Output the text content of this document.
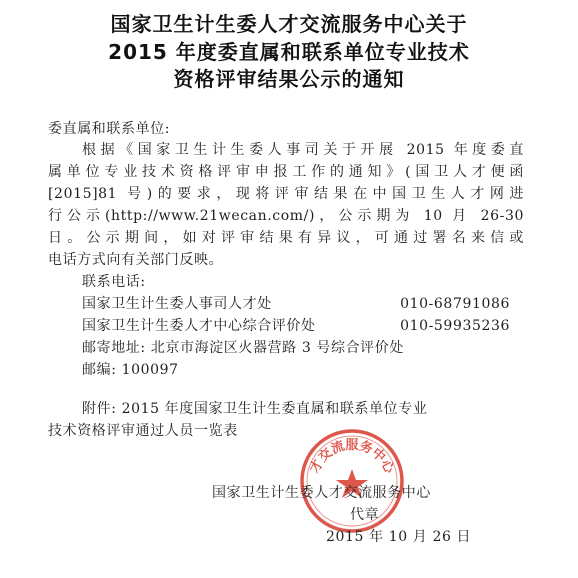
国家卫生计生委人才交流服务中心关于
2015 年度委直属和联系单位专业技术
资格评审结果公示的通知
委直属和联系单位:
根据《国家卫生计生委人事司关于开展 2015 年度委直
属单位专业技术资格评审申报工作的通知》(国卫人才便函
[2015]81 号)的要求，现将评审结果在中国卫生人才网进
行公示(http://www.21wecan.com/)，公示期为 10 月 26-30
日。公示期间，如对评审结果有异议，可通过署名来信或
电话方式向有关部门反映。
联系电话:
国家卫生计生委人事司人才处	010-68791086
国家卫生计生委人才中心综合评价处	010-59935236
邮寄地址: 北京市海淀区火器营路 3 号综合评价处
邮编: 100097
附件: 2015 年度国家卫生计生委直属和联系单位专业
技术资格评审通过人员一览表
才交流服务中心
国家卫生计生委人才交流服务中心
代章
2015 年 10 月 26 日
